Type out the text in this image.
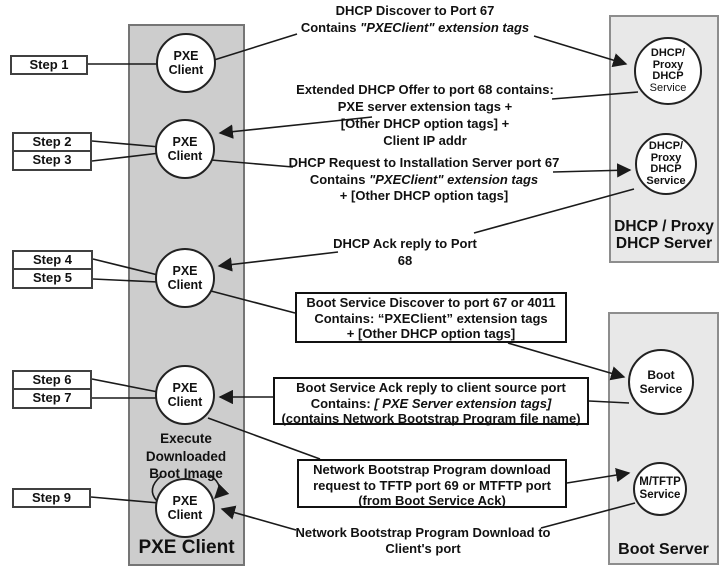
Step 1
Step 2
Step 3
Step 4
Step 5
Step 6
Step 7
Step 9
PXE
Client
PXE
Client
PXE
Client
PXE
Client
PXE
Client
Execute
Downloaded
Boot Image
PXE Client
DHCP/
Proxy
DHCP
Service
DHCP/
Proxy
DHCP
Service
DHCP / Proxy
DHCP Server
Boot
Service
M/TFTP
Service
Boot Server
DHCP Discover to Port 67
Contains "PXEClient" extension tags
Extended DHCP Offer to port 68 contains:
PXE server extension tags +
[Other DHCP option tags] +
Client IP addr
DHCP Request to Installation Server port 67
Contains "PXEClient" extension tags
+ [Other DHCP option tags]
DHCP Ack reply to Port 68
Boot Service Discover to port 67 or 4011
Contains: “PXEClient” extension tags
+ [Other DHCP option tags]
Boot Service Ack reply to client source port
Contains: [ PXE Server extension tags]
(contains Network Bootstrap Program file name)
Network Bootstrap Program download
request to TFTP port 69 or MTFTP port
(from Boot Service Ack)
Network Bootstrap Program Download to
Client's port
